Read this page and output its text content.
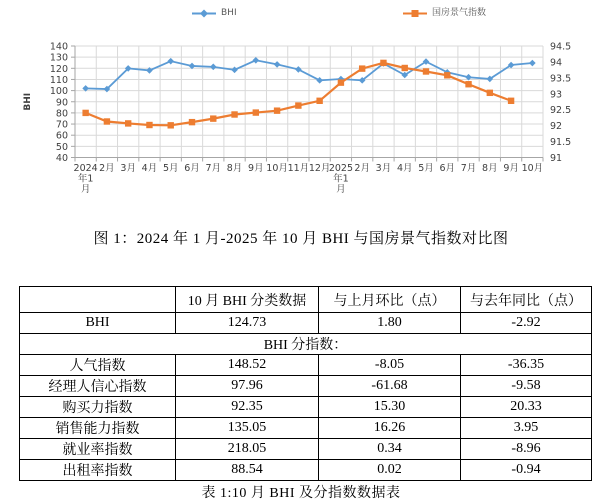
BHI	国房景气指数
140
130
120
110
100
90
80
70
60
50
40
94.5
94
93.5
93
92.5
92
91.5
91
2024 年1 月
2月 3月 4月 5月 6月 7月 8月 9月 10月 11月 12月
2025 年1 月
2月 3月 4月 5月 6月 7月 8月 9月 10月
BHI
图 1：2024 年 1 月-2025 年 10 月 BHI 与国房景气指数对比图
	10 月 BHI 分类数据	与上月环比（点）	与去年同比（点）
BHI	124.73	1.80	-2.92
BHI 分指数：			
人气指数	148.52	-8.05	-36.35
经理人信心指数	97.96	-61.68	-9.58
购买力指数	92.35	15.30	20.33
销售能力指数	135.05	16.26	3.95
就业率指数	218.05	0.34	-8.96
出租率指数	88.54	0.02	-0.94
表 1:10 月 BHI 及分指数数据表
